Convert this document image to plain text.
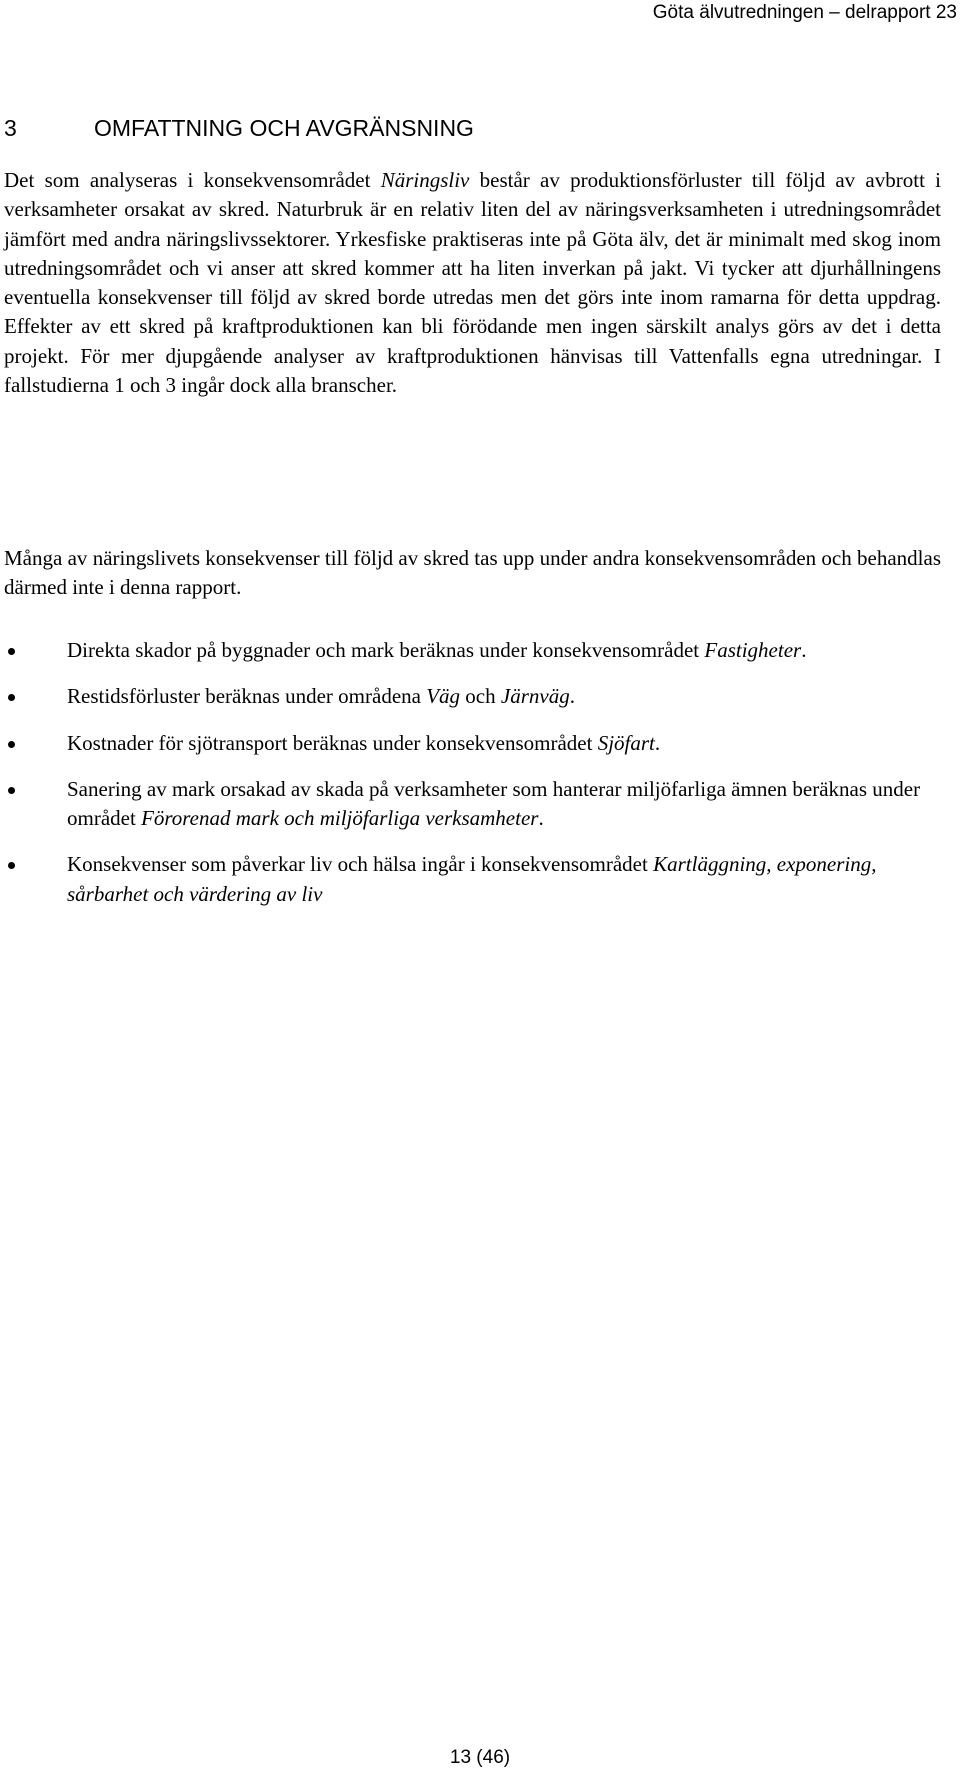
Göta älvutredningen – delrapport 23
3	OMFATTNING OCH AVGRÄNSNING

Det som analyseras i konsekvensområdet Näringsliv består av produktionsförluster till följd av avbrott i verksamheter orsakat av skred. Naturbruk är en relativ liten del av näringsverksamheten i utredningsområdet jämfört med andra näringslivssektorer. Yrkesfiske praktiseras inte på Göta älv, det är minimalt med skog inom utredningsområdet och vi anser att skred kommer att ha liten inverkan på jakt. Vi tycker att djurhållningens eventuella konsekvenser till följd av skred borde utredas men det görs inte inom ramarna för detta uppdrag. Effekter av ett skred på kraftproduktionen kan bli förödande men ingen särskilt analys görs av det i detta projekt. För mer djupgående analyser av kraftproduktionen hänvisas till Vattenfalls egna utredningar. I fallstudierna 1 och 3 ingår dock alla branscher.

Många av näringslivets konsekvenser till följd av skred tas upp under andra konsekvensområden och behandlas därmed inte i denna rapport.

Direkta skador på byggnader och mark beräknas under konsekvensområdet Fastigheter.
Restidsförluster beräknas under områdena Väg och Järnväg.
Kostnader för sjötransport beräknas under konsekvensområdet Sjöfart.
Sanering av mark orsakad av skada på verksamheter som hanterar miljöfarliga ämnen beräknas under området Förorenad mark och miljöfarliga verksamheter.
Konsekvenser som påverkar liv och hälsa ingår i konsekvensområdet Kartläggning, exponering, sårbarhet och värdering av liv
13 (46)
